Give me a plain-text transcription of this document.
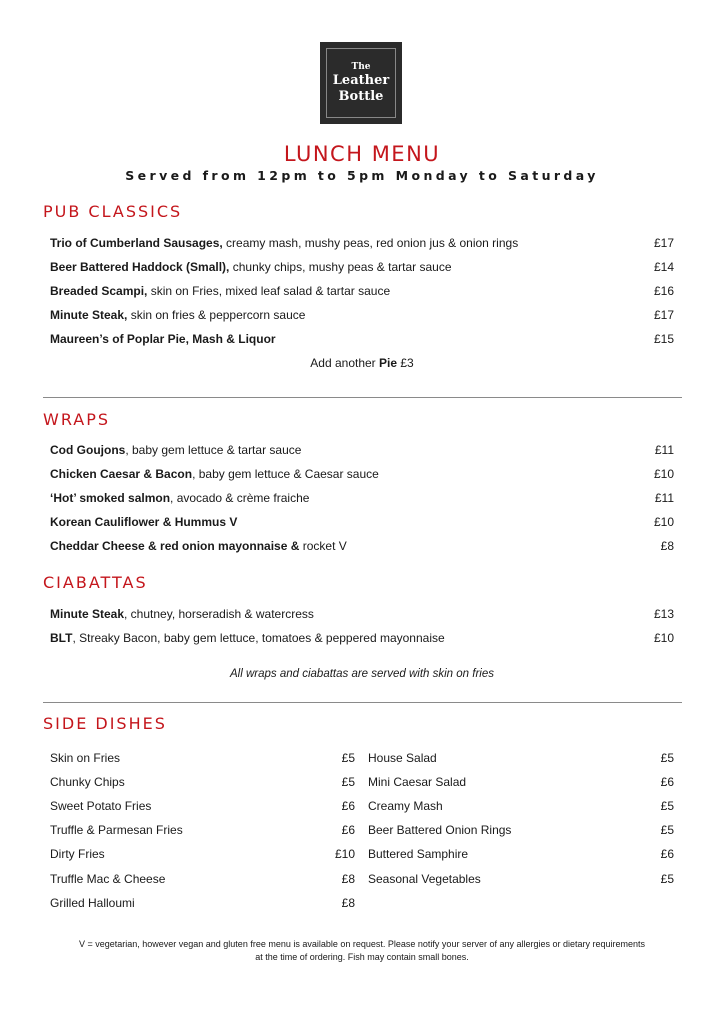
The
Leather
Bottle
LUNCH MENU
Served from 12pm to 5pm Monday to Saturday
PUB CLASSICS
Trio of Cumberland Sausages, creamy mash, mushy peas, red onion jus & onion rings	£17
Beer Battered Haddock (Small), chunky chips, mushy peas & tartar sauce	£14
Breaded Scampi, skin on Fries, mixed leaf salad & tartar sauce	£16
Minute Steak, skin on fries & peppercorn sauce	£17
Maureen’s of Poplar Pie, Mash & Liquor	£15
Add another Pie £3
WRAPS
Cod Goujons, baby gem lettuce & tartar sauce	£11
Chicken Caesar & Bacon, baby gem lettuce & Caesar sauce	£10
‘Hot’ smoked salmon, avocado & crème fraiche	£11
Korean Cauliflower & Hummus V	£10
Cheddar Cheese & red onion mayonnaise & rocket V	£8
CIABATTAS
Minute Steak, chutney, horseradish & watercress	£13
BLT, Streaky Bacon, baby gem lettuce, tomatoes & peppered mayonnaise	£10
All wraps and ciabattas are served with skin on fries
SIDE DISHES
Skin on Fries	£5
Chunky Chips	£5
Sweet Potato Fries	£6
Truffle & Parmesan Fries	£6
Dirty Fries	£10
Truffle Mac & Cheese	£8
Grilled Halloumi	£8
House Salad	£5
Mini Caesar Salad	£6
Creamy Mash	£5
Beer Battered Onion Rings	£5
Buttered Samphire	£6
Seasonal Vegetables	£5
V = vegetarian, however vegan and gluten free menu is available on request. Please notify your server of any allergies or dietary requirements
at the time of ordering. Fish may contain small bones.
